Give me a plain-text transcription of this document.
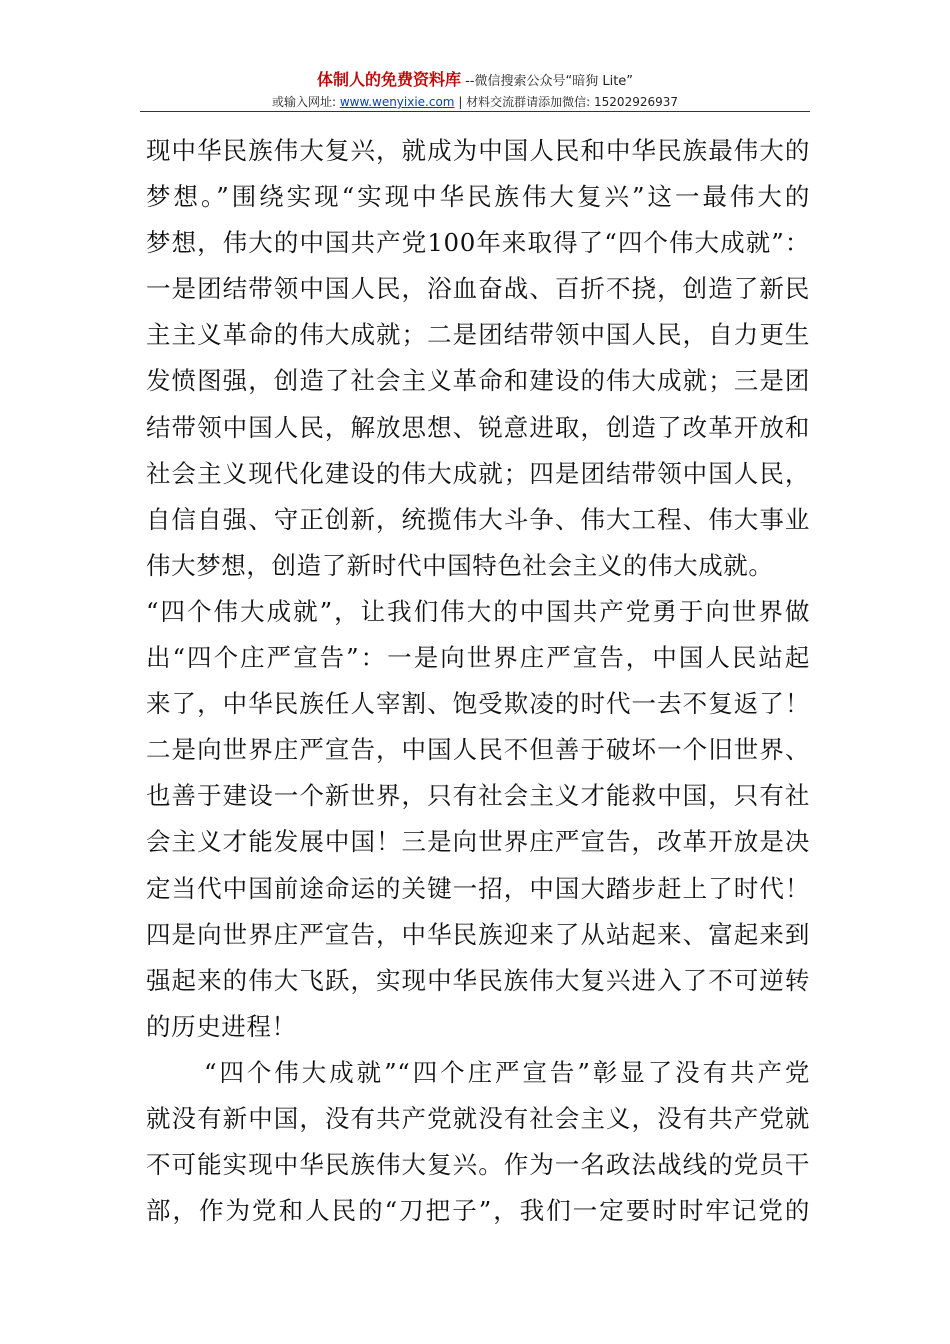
体制人的免费资料库 --微信搜索公众号“暗狗 Lite”
或输入网址: www.wenyixie.com | 材料交流群请添加微信: 15202926937
现中华民族伟大复兴，就成为中国人民和中华民族最伟大的
梦想。”围绕实现“实现中华民族伟大复兴”这一最伟大的
梦想，伟大的中国共产党100年来取得了“四个伟大成就”：
一是团结带领中国人民，浴血奋战、百折不挠，创造了新民
主主义革命的伟大成就；二是团结带领中国人民，自力更生
发愤图强，创造了社会主义革命和建设的伟大成就；三是团
结带领中国人民，解放思想、锐意进取，创造了改革开放和
社会主义现代化建设的伟大成就；四是团结带领中国人民，
自信自强、守正创新，统揽伟大斗争、伟大工程、伟大事业
伟大梦想，创造了新时代中国特色社会主义的伟大成就。
“四个伟大成就”，让我们伟大的中国共产党勇于向世界做
出“四个庄严宣告”：一是向世界庄严宣告，中国人民站起
来了，中华民族任人宰割、饱受欺凌的时代一去不复返了！
二是向世界庄严宣告，中国人民不但善于破坏一个旧世界、
也善于建设一个新世界，只有社会主义才能救中国，只有社
会主义才能发展中国！三是向世界庄严宣告，改革开放是决
定当代中国前途命运的关键一招，中国大踏步赶上了时代！
四是向世界庄严宣告，中华民族迎来了从站起来、富起来到
强起来的伟大飞跃，实现中华民族伟大复兴进入了不可逆转
的历史进程！
“四个伟大成就”“四个庄严宣告”彰显了没有共产党
就没有新中国，没有共产党就没有社会主义，没有共产党就
不可能实现中华民族伟大复兴。作为一名政法战线的党员干
部，作为党和人民的“刀把子”，我们一定要时时牢记党的
